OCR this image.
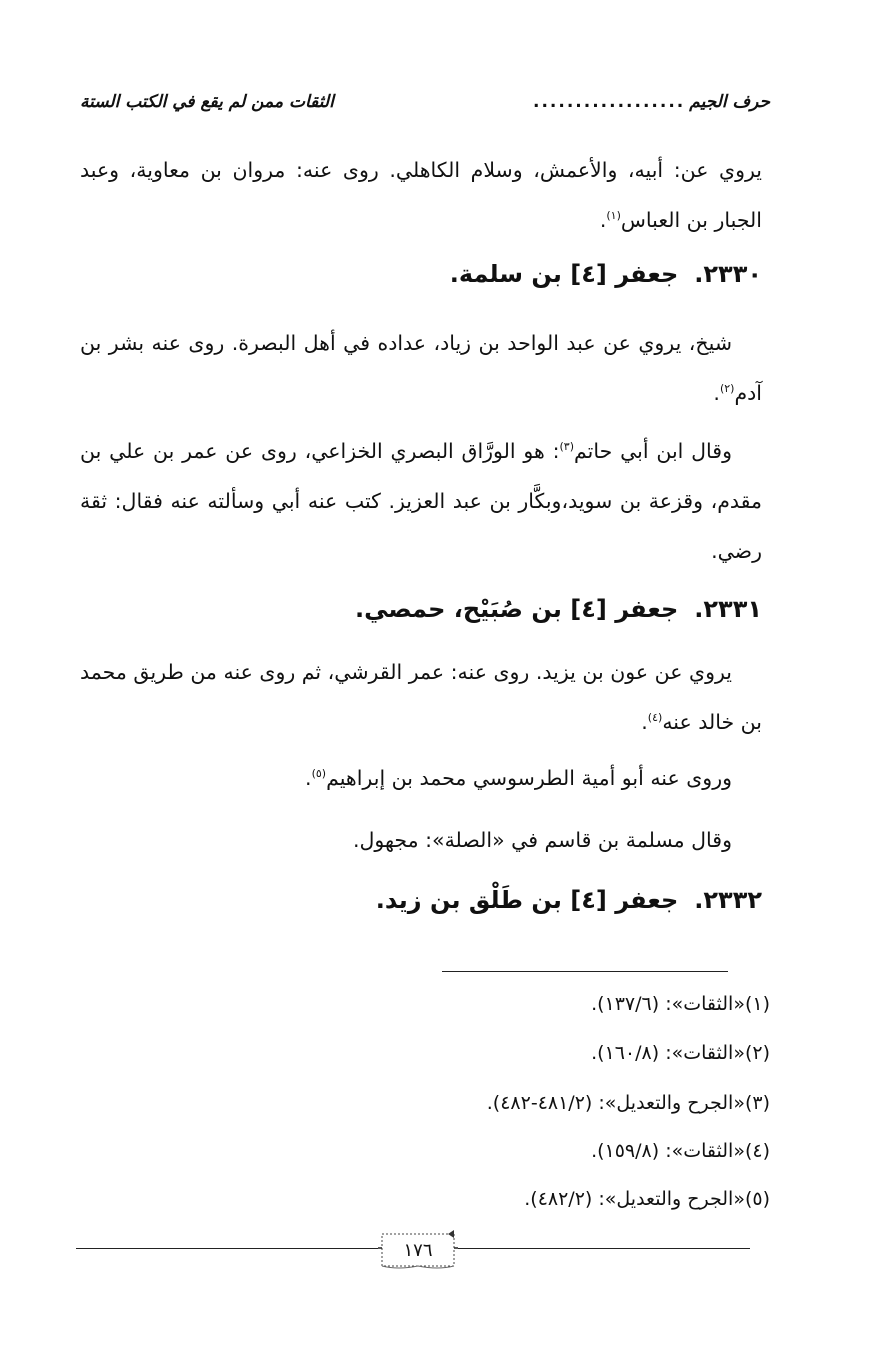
حرف الجيم
..................
الثقات ممن لم يقع في الكتب الستة
يروي عن: أبيه، والأعمش، وسلام الكاهلي. روى عنه: مروان بن معاوية، وعبد الجبار بن العباس$^{(١)}$.
٢٣٣٠.جعفر [٤] بن سلمة.
شيخ، يروي عن عبد الواحد بن زياد، عداده في أهل البصرة. روى عنه بشر بن آدم$^{(٢)}$.
وقال ابن أبي حاتم$^{(٣)}$: هو الورَّاق البصري الخزاعي، روى عن عمر بن علي بن مقدم، وقزعة بن سويد،وبكَّار بن عبد العزيز. كتب عنه أبي وسألته عنه فقال: ثقة رضي.
٢٣٣١.جعفر [٤] بن صُبَيْح، حمصي.
يروي عن عون بن يزيد. روى عنه: عمر القرشي، ثم روى عنه من طريق محمد بن خالد عنه$^{(٤)}$.
وروى عنه أبو أمية الطرسوسي محمد بن إبراهيم$^{(٥)}$.
وقال مسلمة بن قاسم في «الصلة»: مجهول.
٢٣٣٢.جعفر [٤] بن طَلْق بن زيد.
(١)«الثقات»: (١٣٧/٦).
(٢)«الثقات»: (١٦٠/٨).
(٣)«الجرح والتعديل»: (٤٨١/٢-٤٨٢).
(٤)«الثقات»: (١٥٩/٨).
(٥)«الجرح والتعديل»: (٤٨٢/٢).
١٧٦
